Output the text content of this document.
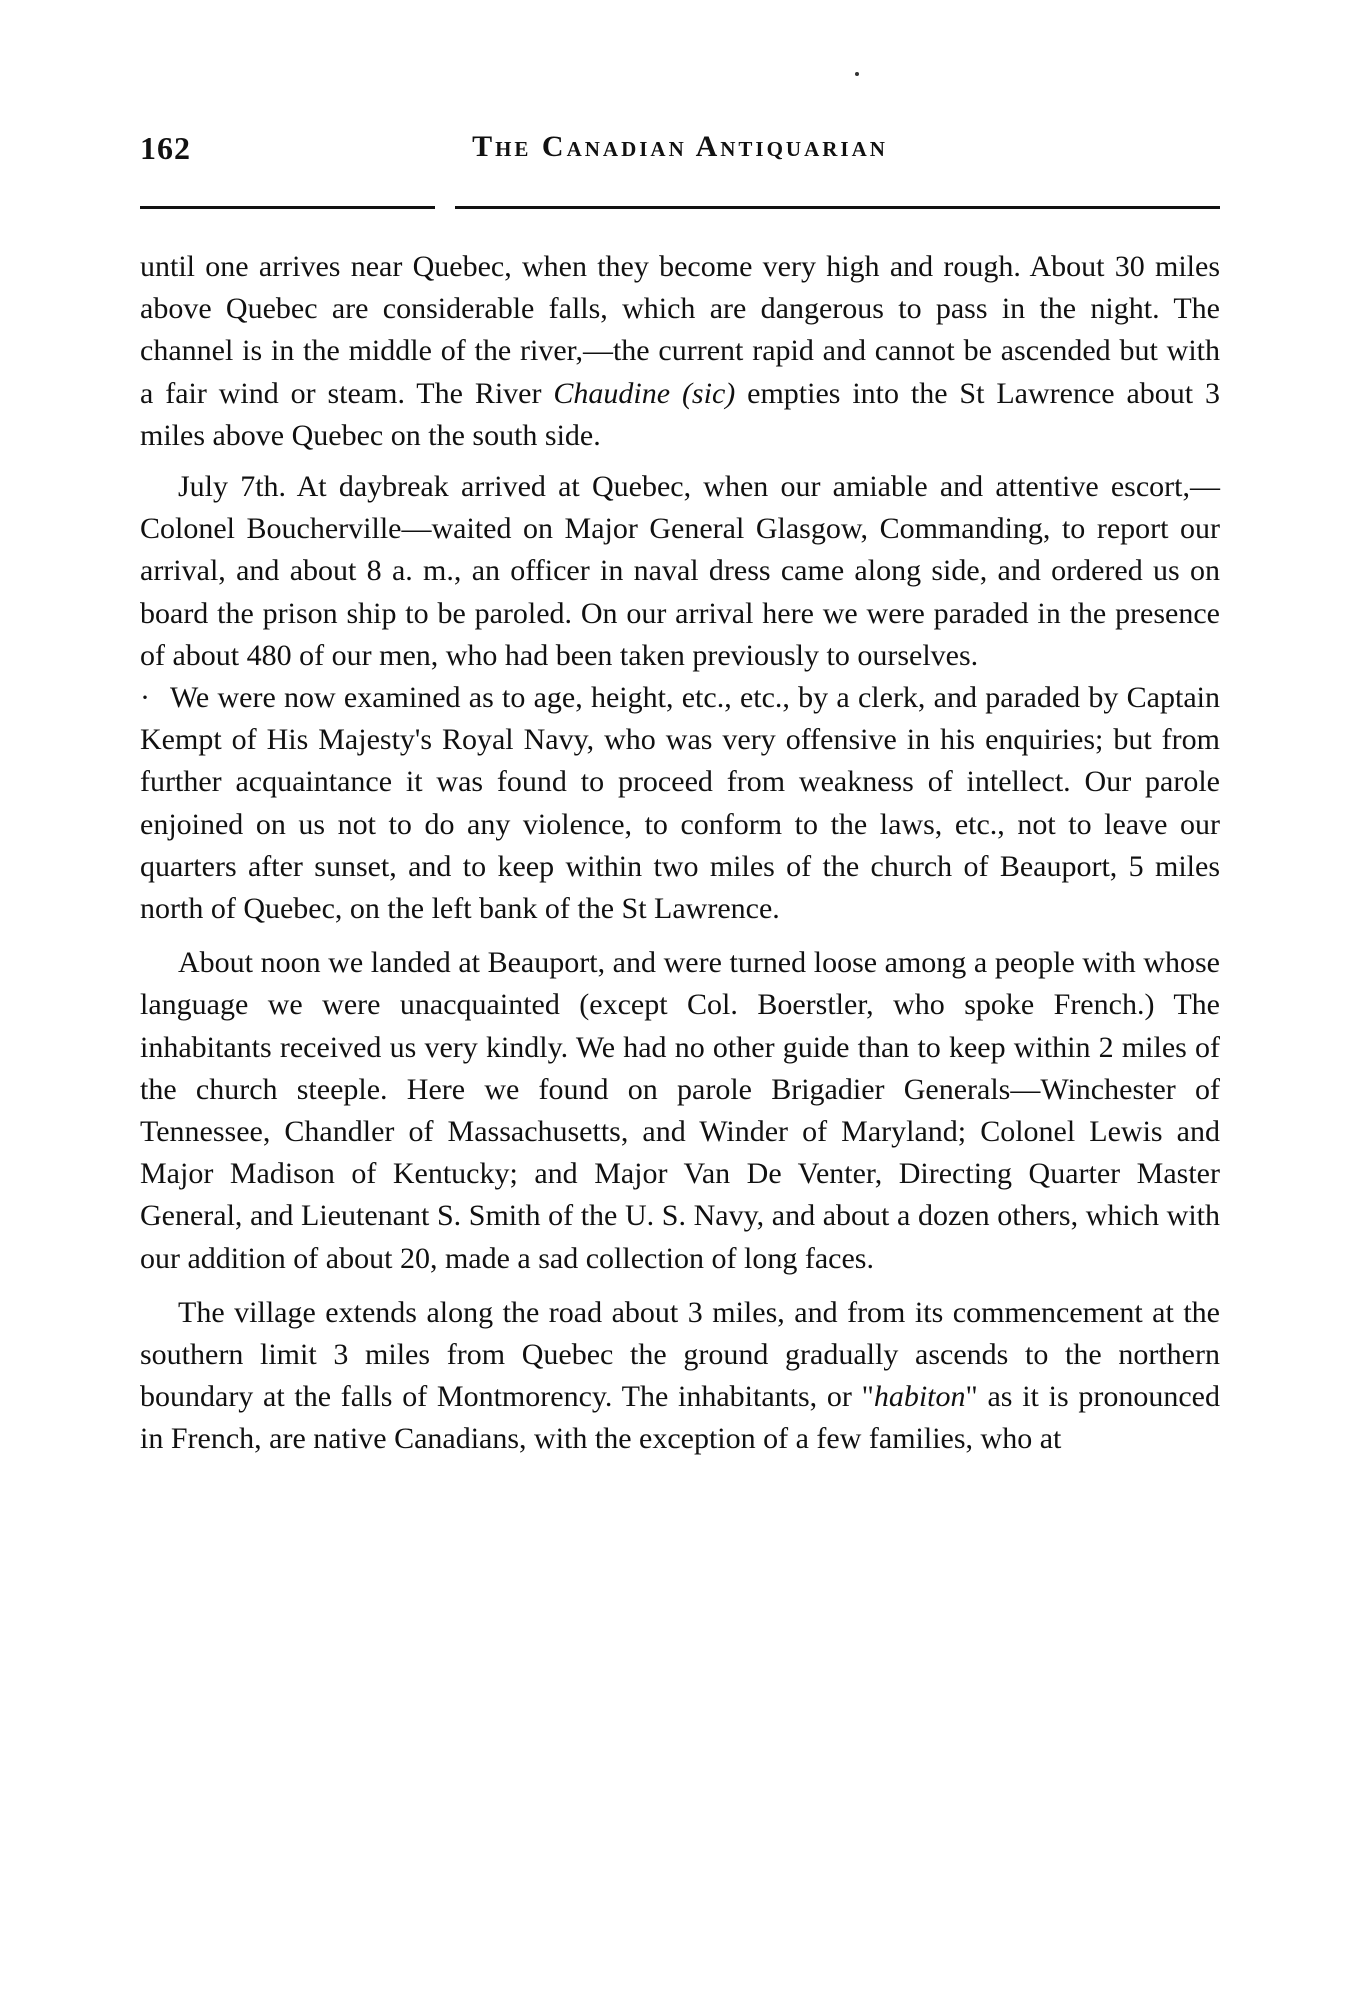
162	The Canadian Antiquarian

until one arrives near Quebec, when they become very high and rough. About 30 miles above Quebec are considerable falls, which are dangerous to pass in the night. The channel is in the middle of the river,—the current rapid and cannot be ascended but with a fair wind or steam. The River Chaudine (sic) empties into the St Lawrence about 3 miles above Quebec on the south side.

July 7th. At daybreak arrived at Quebec, when our amiable and attentive escort,—Colonel Boucherville—waited on Major General Glasgow, Commanding, to report our arrival, and about 8 a. m., an officer in naval dress came along side, and ordered us on board the prison ship to be paroled. On our arrival here we were paraded in the presence of about 480 of our men, who had been taken previously to ourselves.

· We were now examined as to age, height, etc., etc., by a clerk, and paraded by Captain Kempt of His Majesty's Royal Navy, who was very offensive in his enquiries; but from further acquaintance it was found to proceed from weakness of intellect. Our parole enjoined on us not to do any violence, to conform to the laws, etc., not to leave our quarters after sunset, and to keep within two miles of the church of Beauport, 5 miles north of Quebec, on the left bank of the St Lawrence.

About noon we landed at Beauport, and were turned loose among a people with whose language we were unacquainted (except Col. Boerstler, who spoke French.) The inhabitants received us very kindly. We had no other guide than to keep within 2 miles of the church steeple. Here we found on parole Brigadier Generals—Winchester of Tennessee, Chandler of Massachusetts, and Winder of Maryland; Colonel Lewis and Major Madison of Kentucky; and Major Van De Venter, Directing Quarter Master General, and Lieutenant S. Smith of the U. S. Navy, and about a dozen others, which with our addition of about 20, made a sad collection of long faces.

The village extends along the road about 3 miles, and from its commencement at the southern limit 3 miles from Quebec the ground gradually ascends to the northern boundary at the falls of Montmorency. The inhabitants, or "habiton" as it is pronounced in French, are native Canadians, with the exception of a few families, who at
